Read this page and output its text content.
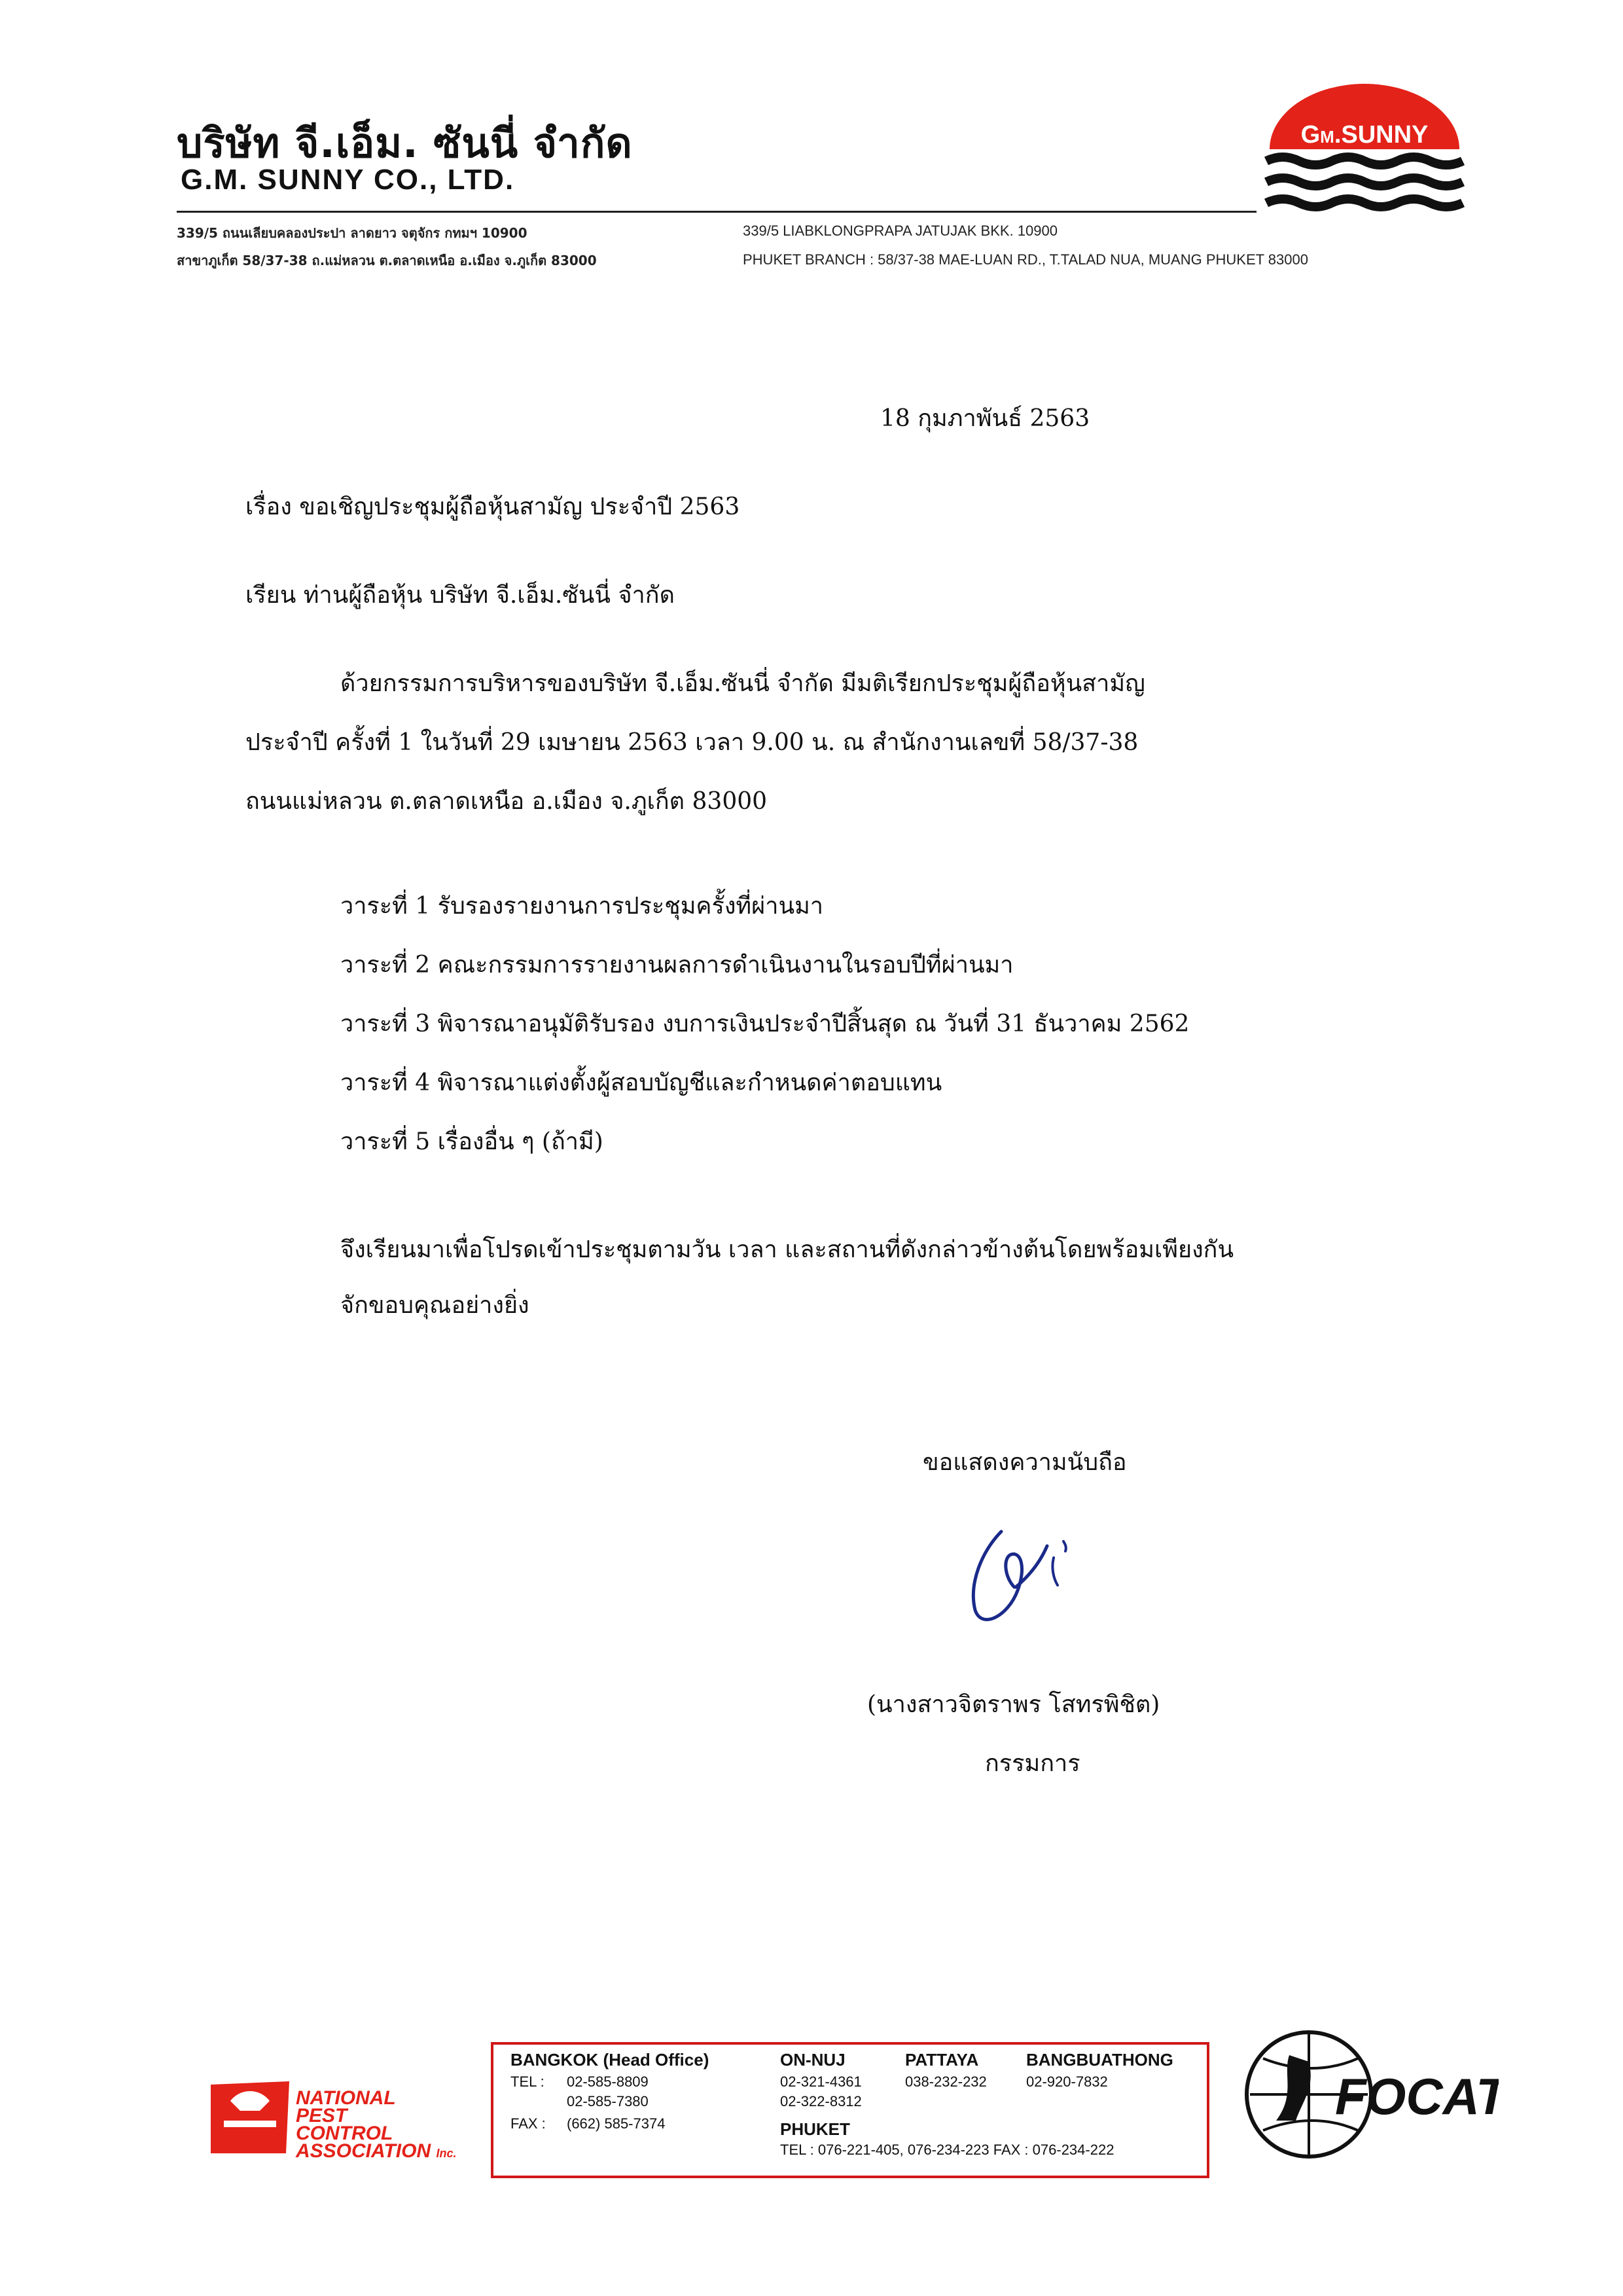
บริษัท จี.เอ็ม. ซันนี่ จำกัด
G.M. SUNNY CO., LTD.
GM.SUNNY
339/5 ถนนเลียบคลองประปา ลาดยาว จตุจักร กทมฯ 10900
สาขาภูเก็ต 58/37-38 ถ.แม่หลวน ต.ตลาดเหนือ อ.เมือง จ.ภูเก็ต 83000
339/5 LIABKLONGPRAPA JATUJAK BKK. 10900
PHUKET BRANCH : 58/37-38 MAE-LUAN RD., T.TALAD NUA, MUANG PHUKET 83000
18 กุมภาพันธ์ 2563
เรื่อง ขอเชิญประชุมผู้ถือหุ้นสามัญ ประจำปี 2563
เรียน ท่านผู้ถือหุ้น บริษัท จี.เอ็ม.ซันนี่ จำกัด
ด้วยกรรมการบริหารของบริษัท จี.เอ็ม.ซันนี่ จำกัด มีมติเรียกประชุมผู้ถือหุ้นสามัญ
ประจำปี ครั้งที่ 1 ในวันที่ 29 เมษายน 2563 เวลา 9.00 น. ณ สำนักงานเลขที่ 58/37-38
ถนนแม่หลวน ต.ตลาดเหนือ อ.เมือง จ.ภูเก็ต 83000
วาระที่ 1 รับรองรายงานการประชุมครั้งที่ผ่านมา
วาระที่ 2 คณะกรรมการรายงานผลการดำเนินงานในรอบปีที่ผ่านมา
วาระที่ 3 พิจารณาอนุมัติรับรอง งบการเงินประจำปีสิ้นสุด ณ วันที่ 31 ธันวาคม 2562
วาระที่ 4 พิจารณาแต่งตั้งผู้สอบบัญชีและกำหนดค่าตอบแทน
วาระที่ 5 เรื่องอื่น ๆ (ถ้ามี)
จึงเรียนมาเพื่อโปรดเข้าประชุมตามวัน เวลา และสถานที่ดังกล่าวข้างต้นโดยพร้อมเพียงกัน
จักขอบคุณอย่างยิ่ง
ขอแสดงความนับถือ
(นางสาวจิตราพร โสทรพิชิต)
กรรมการ
NATIONAL
PEST
CONTROL
ASSOCIATION Inc.
BANGKOK (Head Office)
TEL : 02-585-8809
02-585-7380
FAX : (662) 585-7374
ON-NUJ
02-321-4361
02-322-8312
PATTAYA
038-232-232
BANGBUATHONG
02-920-7832
PHUKET
TEL : 076-221-405, 076-234-223 FAX : 076-234-222
FOCAT
